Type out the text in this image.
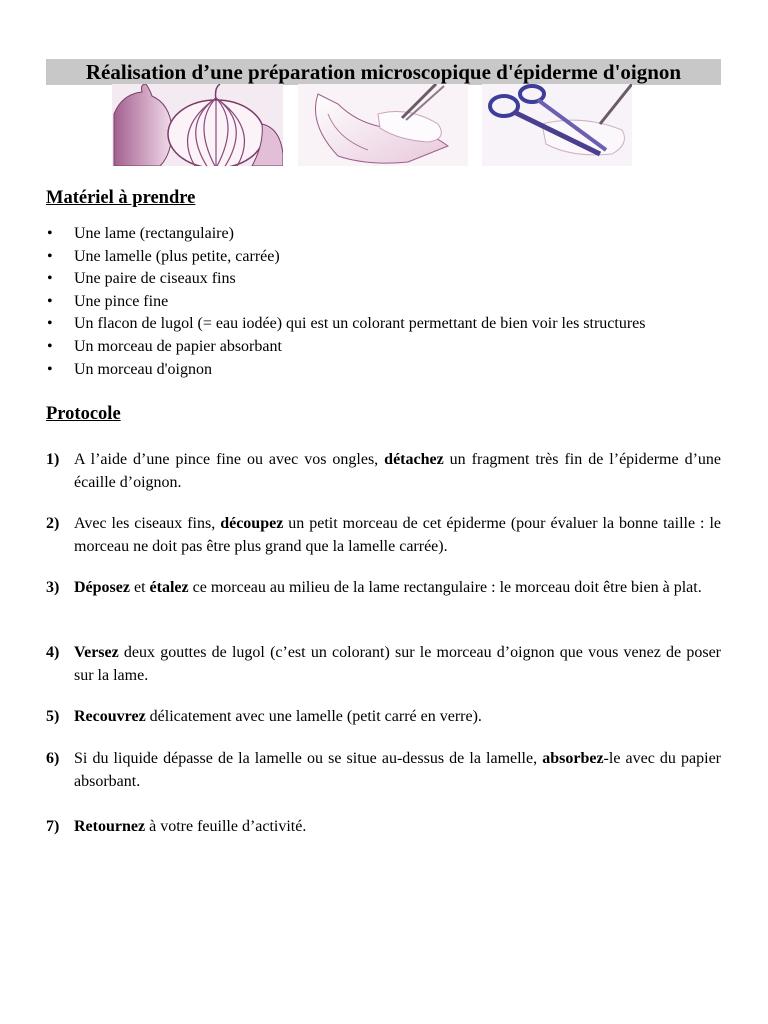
Réalisation d’une préparation microscopique d'épiderme d'oignon
Matériel à prendre
• Une lame (rectangulaire)
• Une lamelle (plus petite, carrée)
• Une paire de ciseaux fins
• Une pince fine
• Un flacon de lugol (= eau iodée) qui est un colorant permettant de bien voir les structures
• Un morceau de papier absorbant
• Un morceau d'oignon
Protocole
1) A l’aide d’une pince fine ou avec vos ongles, détachez un fragment très fin de l’épiderme d’une écaille d’oignon.
2) Avec les ciseaux fins, découpez un petit morceau de cet épiderme (pour évaluer la bonne taille : le morceau ne doit pas être plus grand que la lamelle carrée).
3) Déposez et étalez ce morceau au milieu de la lame rectangulaire : le morceau doit être bien à plat.
4) Versez deux gouttes de lugol (c’est un colorant) sur le morceau d’oignon que vous venez de poser sur la lame.
5) Recouvrez délicatement avec une lamelle (petit carré en verre).
6) Si du liquide dépasse de la lamelle ou se situe au-dessus de la lamelle, absorbez-le avec du papier absorbant.
7) Retournez à votre feuille d’activité.
